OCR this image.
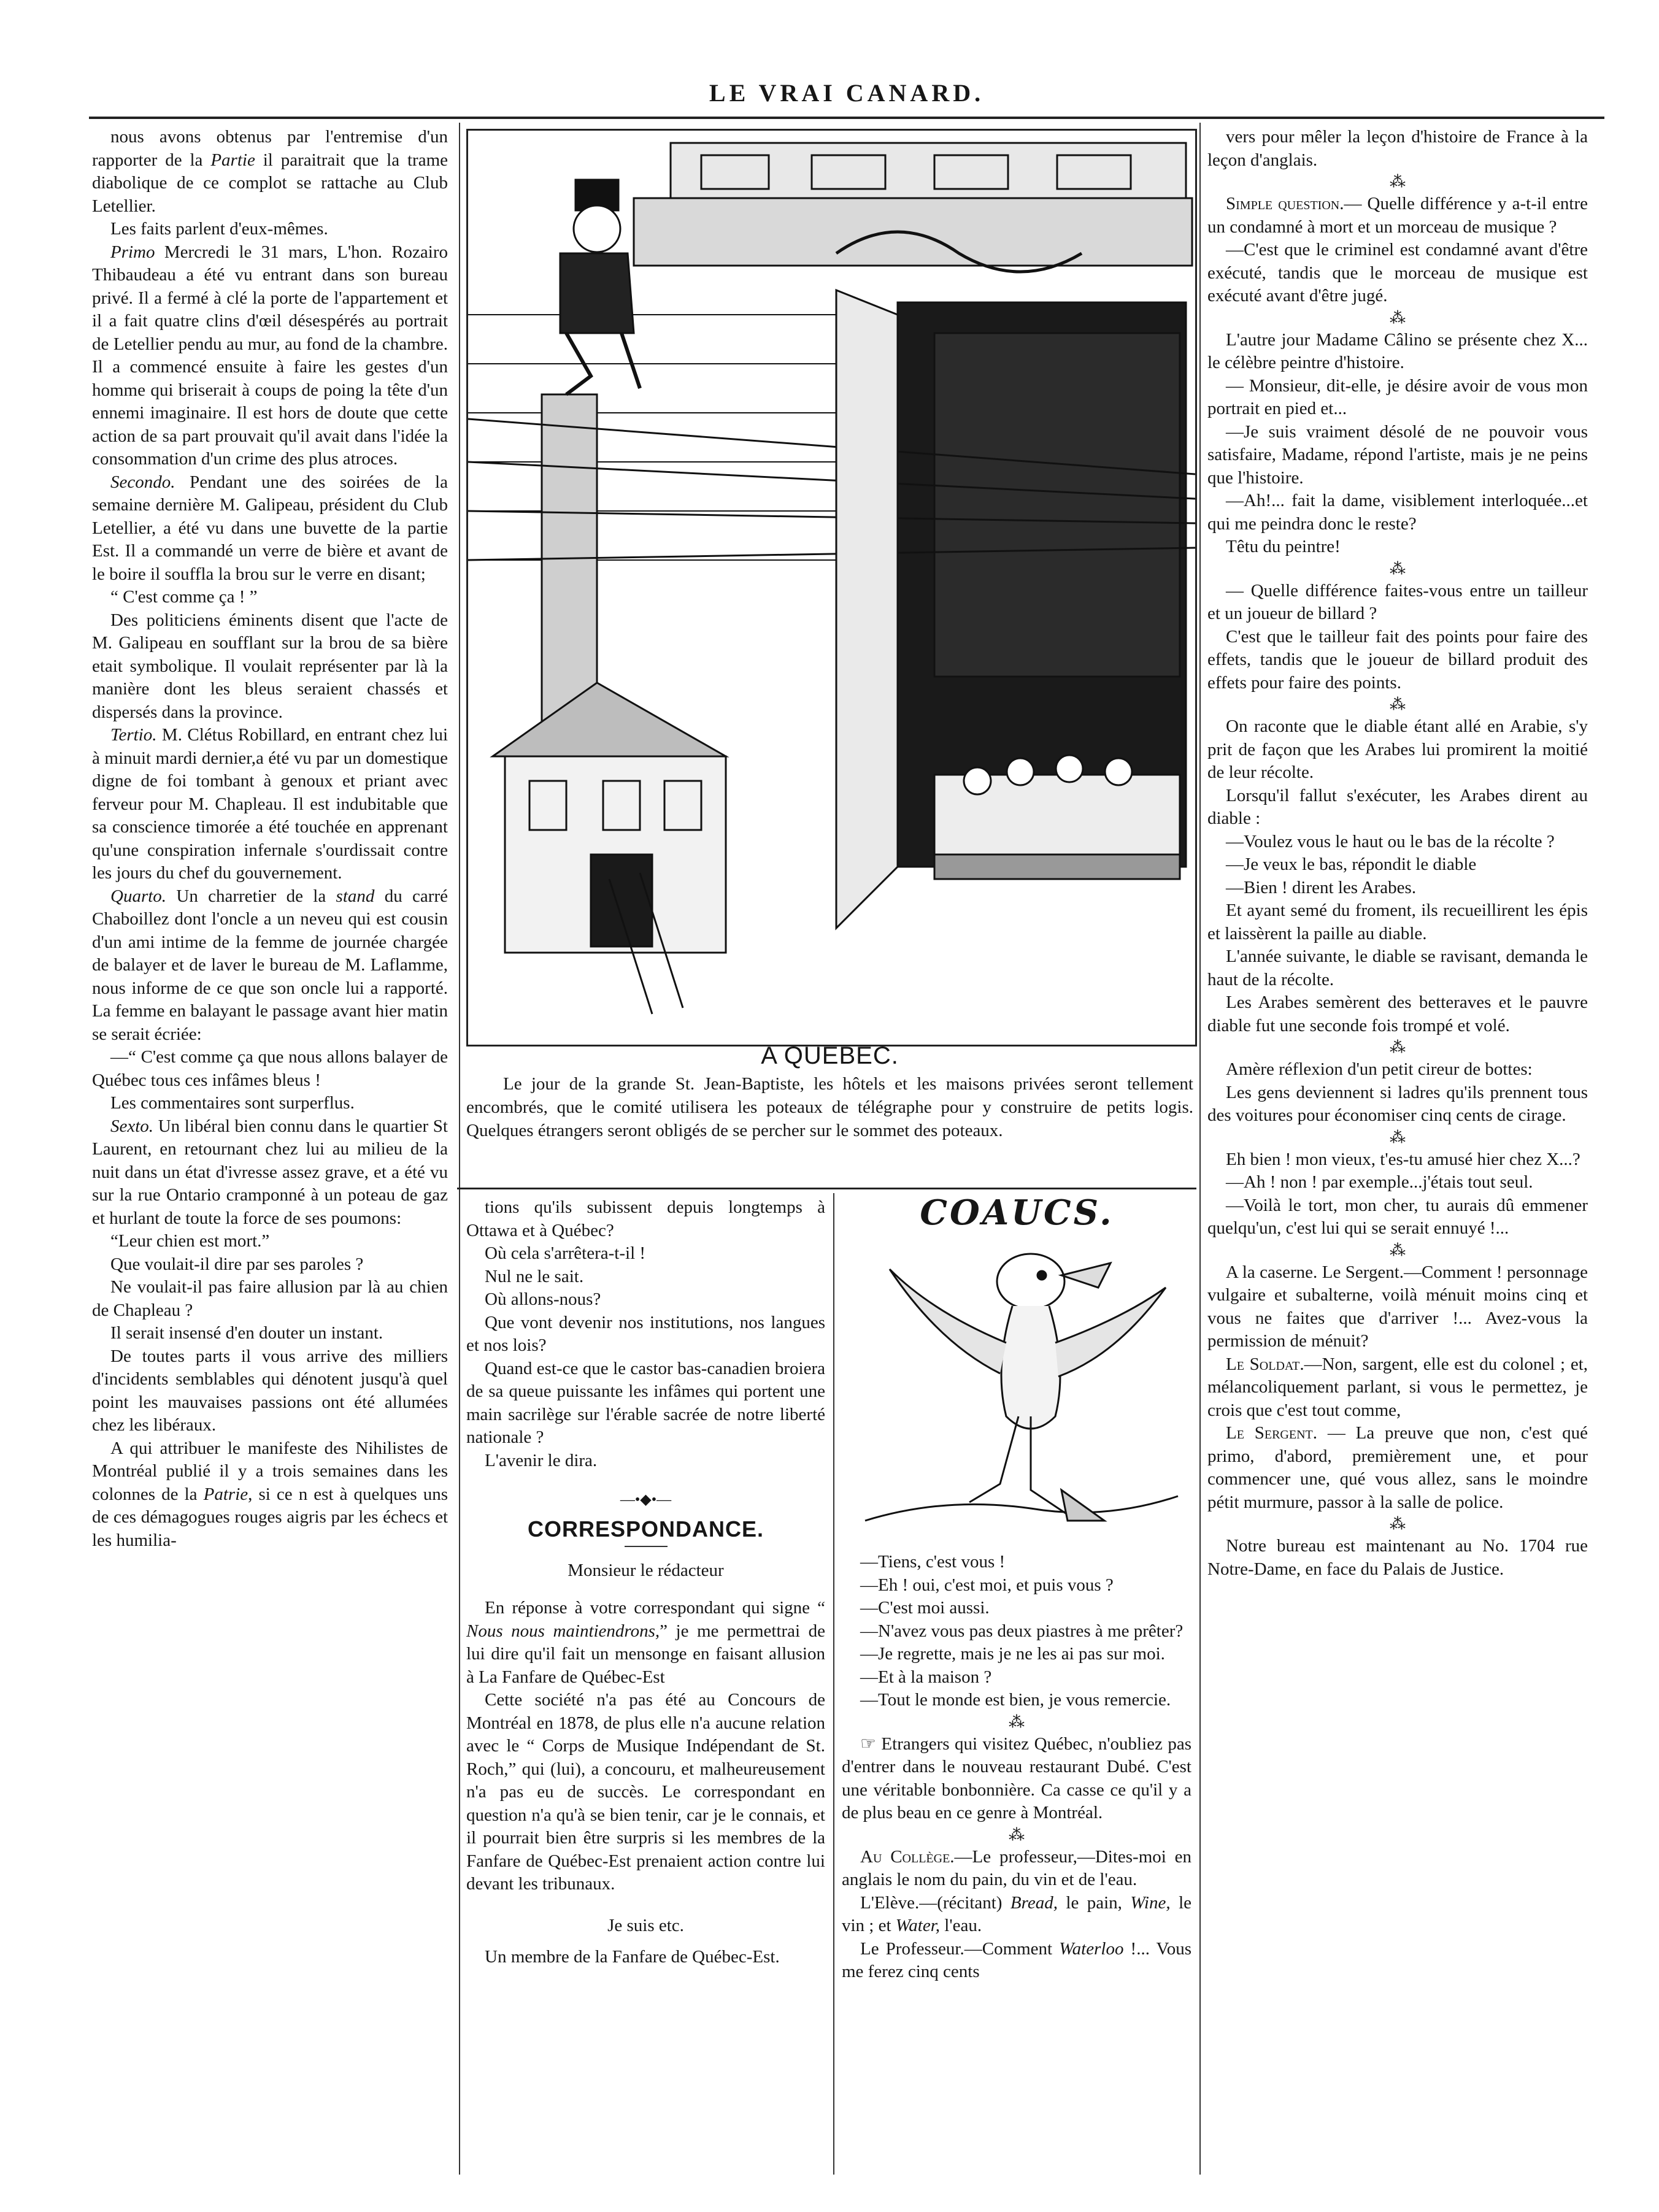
LE VRAI CANARD.

nous avons obtenus par l'entremise d'un rapporter de la Partie il paraitrait que la trame diabolique de ce complot se rattache au Club Letellier.

Les faits parlent d'eux-mêmes.

Primo Mercredi le 31 mars, L'hon. Rozairo Thibaudeau a été vu entrant dans son bureau privé. Il a fermé à clé la porte de l'appartement et il a fait quatre clins d'œil désespérés au portrait de Letellier pendu au mur, au fond de la chambre. Il a commencé ensuite à faire les gestes d'un homme qui briserait à coups de poing la tête d'un ennemi imaginaire. Il est hors de doute que cette action de sa part prouvait qu'il avait dans l'idée la consommation d'un crime des plus atroces.

Secondo. Pendant une des soirées de la semaine dernière M. Galipeau, président du Club Letellier, a été vu dans une buvette de la partie Est. Il a commandé un verre de bière et avant de le boire il souffla la brou sur le verre en disant;

“ C'est comme ça ! ”

Des politiciens éminents disent que l'acte de M. Galipeau en soufflant sur la brou de sa bière etait symbolique. Il voulait représenter par là la manière dont les bleus seraient chassés et dispersés dans la province.

Tertio. M. Clétus Robillard, en entrant chez lui à minuit mardi dernier,a été vu par un domestique digne de foi tombant à genoux et priant avec ferveur pour M. Chapleau. Il est indubitable que sa conscience timorée a été touchée en apprenant qu'une conspiration infernale s'ourdissait contre les jours du chef du gouvernement.

Quarto. Un charretier de la stand du carré Chaboillez dont l'oncle a un neveu qui est cousin d'un ami intime de la femme de journée chargée de balayer et de laver le bureau de M. Laflamme, nous informe de ce que son oncle lui a rapporté. La femme en balayant le passage avant hier matin se serait écriée:

—“ C'est comme ça que nous allons balayer de Québec tous ces infâmes bleus !

Les commentaires sont surperflus.

Sexto. Un libéral bien connu dans le quartier St Laurent, en retournant chez lui au milieu de la nuit dans un état d'ivresse assez grave, et a été vu sur la rue Ontario cramponné à un poteau de gaz et hurlant de toute la force de ses poumons:

“Leur chien est mort.”

Que voulait-il dire par ses paroles ?

Ne voulait-il pas faire allusion par là au chien de Chapleau ?

Il serait insensé d'en douter un instant.

De toutes parts il vous arrive des milliers d'incidents semblables qui dénotent jusqu'à quel point les mauvaises passions ont été allumées chez les libéraux.

A qui attribuer le manifeste des Nihilistes de Montréal publié il y a trois semaines dans les colonnes de la Patrie, si ce n est à quelques uns de ces démagogues rouges aigris par les échecs et les humilia-

A QUEBEC.

Le jour de la grande St. Jean-Baptiste, les hôtels et les maisons privées seront tellement encombrés, que le comité utilisera les poteaux de télégraphe pour y construire de petits logis. Quelques étrangers seront obligés de se percher sur le sommet des poteaux.

tions qu'ils subissent depuis longtemps à Ottawa et à Québec?

Où cela s'arrêtera-t-il !

Nul ne le sait.

Où allons-nous?

Que vont devenir nos institutions, nos langues et nos lois?

Quand est-ce que le castor bas-canadien broiera de sa queue puissante les infâmes qui portent une main sacrilège sur l'érable sacrée de notre liberté nationale ?

L'avenir le dira.

—•◆•—
CORRESPONDANCE.

Monsieur le rédacteur

En réponse à votre correspondant qui signe “ Nous nous maintiendrons,” je me permettrai de lui dire qu'il fait un mensonge en faisant allusion à La Fanfare de Québec-Est

Cette société n'a pas été au Concours de Montréal en 1878, de plus elle n'a aucune relation avec le “ Corps de Musique Indépendant de St. Roch,” qui (lui), a concouru, et malheureusement n'a pas eu de succès. Le correspondant en question n'a qu'à se bien tenir, car je le connais, et il pourrait bien être surpris si les membres de la Fanfare de Québec-Est prenaient action contre lui devant les tribunaux.

Je suis etc.

Un membre de la Fanfare de Québec-Est.

COAUCS.

—Tiens, c'est vous !

—Eh ! oui, c'est moi, et puis vous ?

—C'est moi aussi.

—N'avez vous pas deux piastres à me prêter?

—Je regrette, mais je ne les ai pas sur moi.

—Et à la maison ?

—Tout le monde est bien, je vous remercie.

⁂

☞ Etrangers qui visitez Québec, n'oubliez pas d'entrer dans le nouveau restaurant Dubé. C'est une véritable bonbonnière. Ca casse ce qu'il y a de plus beau en ce genre à Montréal.

⁂

Au Collège.—Le professeur,—Dites-moi en anglais le nom du pain, du vin et de l'eau.

L'Elève.—(récitant) Bread, le pain, Wine, le vin ; et Water, l'eau.

Le Professeur.—Comment Waterloo !... Vous me ferez cinq cents

vers pour mêler la leçon d'histoire de France à la leçon d'anglais.

⁂

Simple question.— Quelle différence y a-t-il entre un condamné à mort et un morceau de musique ?

—C'est que le criminel est condamné avant d'être exécuté, tandis que le morceau de musique est exécuté avant d'être jugé.

⁂

L'autre jour Madame Câlino se présente chez X... le célèbre peintre d'histoire.

— Monsieur, dit-elle, je désire avoir de vous mon portrait en pied et...

—Je suis vraiment désolé de ne pouvoir vous satisfaire, Madame, répond l'artiste, mais je ne peins que l'histoire.

—Ah!... fait la dame, visiblement interloquée...et qui me peindra donc le reste?

Têtu du peintre!

⁂

— Quelle différence faites-vous entre un tailleur et un joueur de billard ?

C'est que le tailleur fait des points pour faire des effets, tandis que le joueur de billard produit des effets pour faire des points.

⁂

On raconte que le diable étant allé en Arabie, s'y prit de façon que les Arabes lui promirent la moitié de leur récolte.

Lorsqu'il fallut s'exécuter, les Arabes dirent au diable :

—Voulez vous le haut ou le bas de la récolte ?

—Je veux le bas, répondit le diable

—Bien ! dirent les Arabes.

Et ayant semé du froment, ils recueillirent les épis et laissèrent la paille au diable.

L'année suivante, le diable se ravisant, demanda le haut de la récolte.

Les Arabes semèrent des betteraves et le pauvre diable fut une seconde fois trompé et volé.

⁂

Amère réflexion d'un petit cireur de bottes:

Les gens deviennent si ladres qu'ils prennent tous des voitures pour économiser cinq cents de cirage.

⁂

Eh bien ! mon vieux, t'es-tu amusé hier chez X...?

—Ah ! non ! par exemple...j'étais tout seul.

—Voilà le tort, mon cher, tu aurais dû emmener quelqu'un, c'est lui qui se serait ennuyé !...

⁂

A la caserne. Le Sergent.—Comment ! personnage vulgaire et subalterne, voilà ménuit moins cinq et vous ne faites que d'arriver !... Avez-vous la permission de ménuit?

Le Soldat.—Non, sargent, elle est du colonel ; et, mélancoliquement parlant, si vous le permettez, je crois que c'est tout comme,

Le Sergent. — La preuve que non, c'est qué primo, d'abord, premièrement une, et pour commencer une, qué vous allez, sans le moindre pétit murmure, passor à la salle de police.

⁂

Notre bureau est maintenant au No. 1704 rue Notre-Dame, en face du Palais de Justice.
